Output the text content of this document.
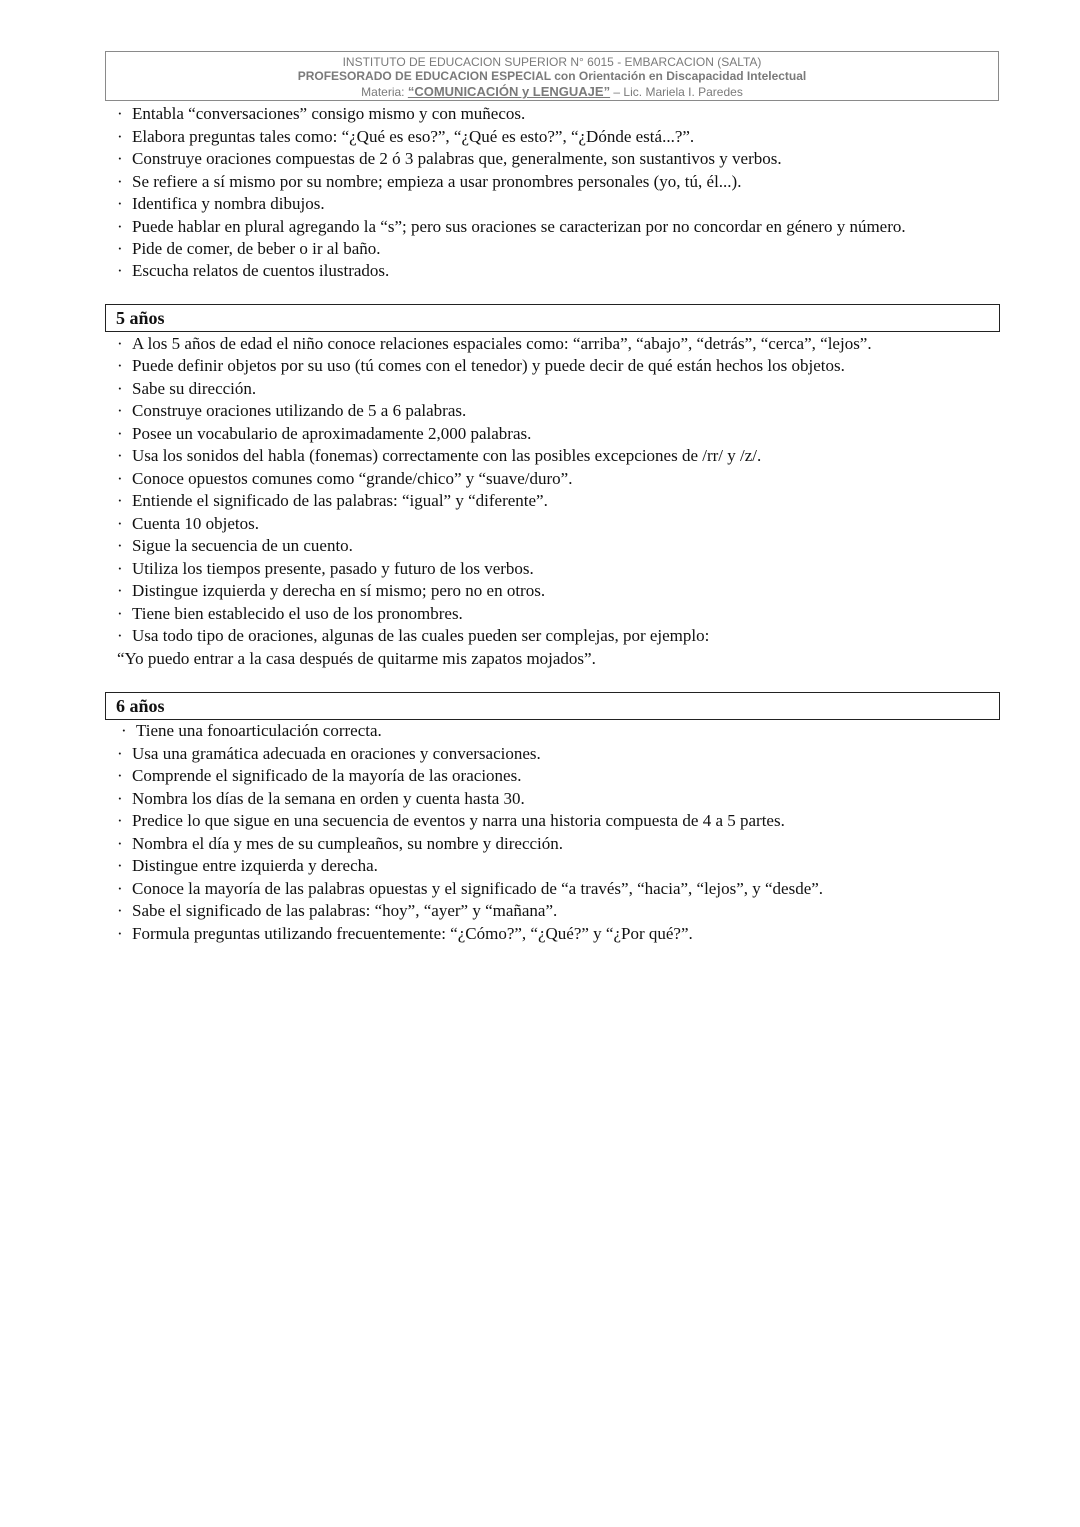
INSTITUTO DE EDUCACION SUPERIOR N° 6015 - EMBARCACION (SALTA)
PROFESORADO DE EDUCACION ESPECIAL con Orientación en Discapacidad Intelectual
Materia: “COMUNICACIÓN y LENGUAJE” – Lic. Mariela I. Paredes
· Entabla “conversaciones” consigo mismo y con muñecos.
· Elabora preguntas tales como: “¿Qué es eso?”, “¿Qué es esto?”, “¿Dónde está...?”.
· Construye oraciones compuestas de 2 ó 3 palabras que, generalmente, son sustantivos y verbos.
· Se refiere a sí mismo por su nombre; empieza a usar pronombres personales (yo, tú, él...).
· Identifica y nombra dibujos.
· Puede hablar en plural agregando la “s”; pero sus oraciones se caracterizan por no concordar en género y número.
· Pide de comer, de beber o ir al baño.
· Escucha relatos de cuentos ilustrados.
5 años
· A los 5 años de edad el niño conoce relaciones espaciales como: “arriba”, “abajo”, “detrás”, “cerca”, “lejos”.
· Puede definir objetos por su uso (tú comes con el tenedor) y puede decir de qué están hechos los objetos.
· Sabe su dirección.
· Construye oraciones utilizando de 5 a 6 palabras.
· Posee un vocabulario de aproximadamente 2,000 palabras.
· Usa los sonidos del habla (fonemas) correctamente con las posibles excepciones de /rr/ y /z/.
· Conoce opuestos comunes como “grande/chico” y “suave/duro”.
· Entiende el significado de las palabras: “igual” y “diferente”.
· Cuenta 10 objetos.
· Sigue la secuencia de un cuento.
· Utiliza los tiempos presente, pasado y futuro de los verbos.
· Distingue izquierda y derecha en sí mismo; pero no en otros.
· Tiene bien establecido el uso de los pronombres.
· Usa todo tipo de oraciones, algunas de las cuales pueden ser complejas, por ejemplo:
“Yo puedo entrar a la casa después de quitarme mis zapatos mojados”.
6 años
· Tiene una fonoarticulación correcta.
· Usa una gramática adecuada en oraciones y conversaciones.
· Comprende el significado de la mayoría de las oraciones.
· Nombra los días de la semana en orden y cuenta hasta 30.
· Predice lo que sigue en una secuencia de eventos y narra una historia compuesta de 4 a 5 partes.
· Nombra el día y mes de su cumpleaños, su nombre y dirección.
· Distingue entre izquierda y derecha.
· Conoce la mayoría de las palabras opuestas y el significado de “a través”, “hacia”, “lejos”, y “desde”.
· Sabe el significado de las palabras: “hoy”, “ayer” y “mañana”.
· Formula preguntas utilizando frecuentemente: “¿Cómo?”, “¿Qué?” y “¿Por qué?”.
